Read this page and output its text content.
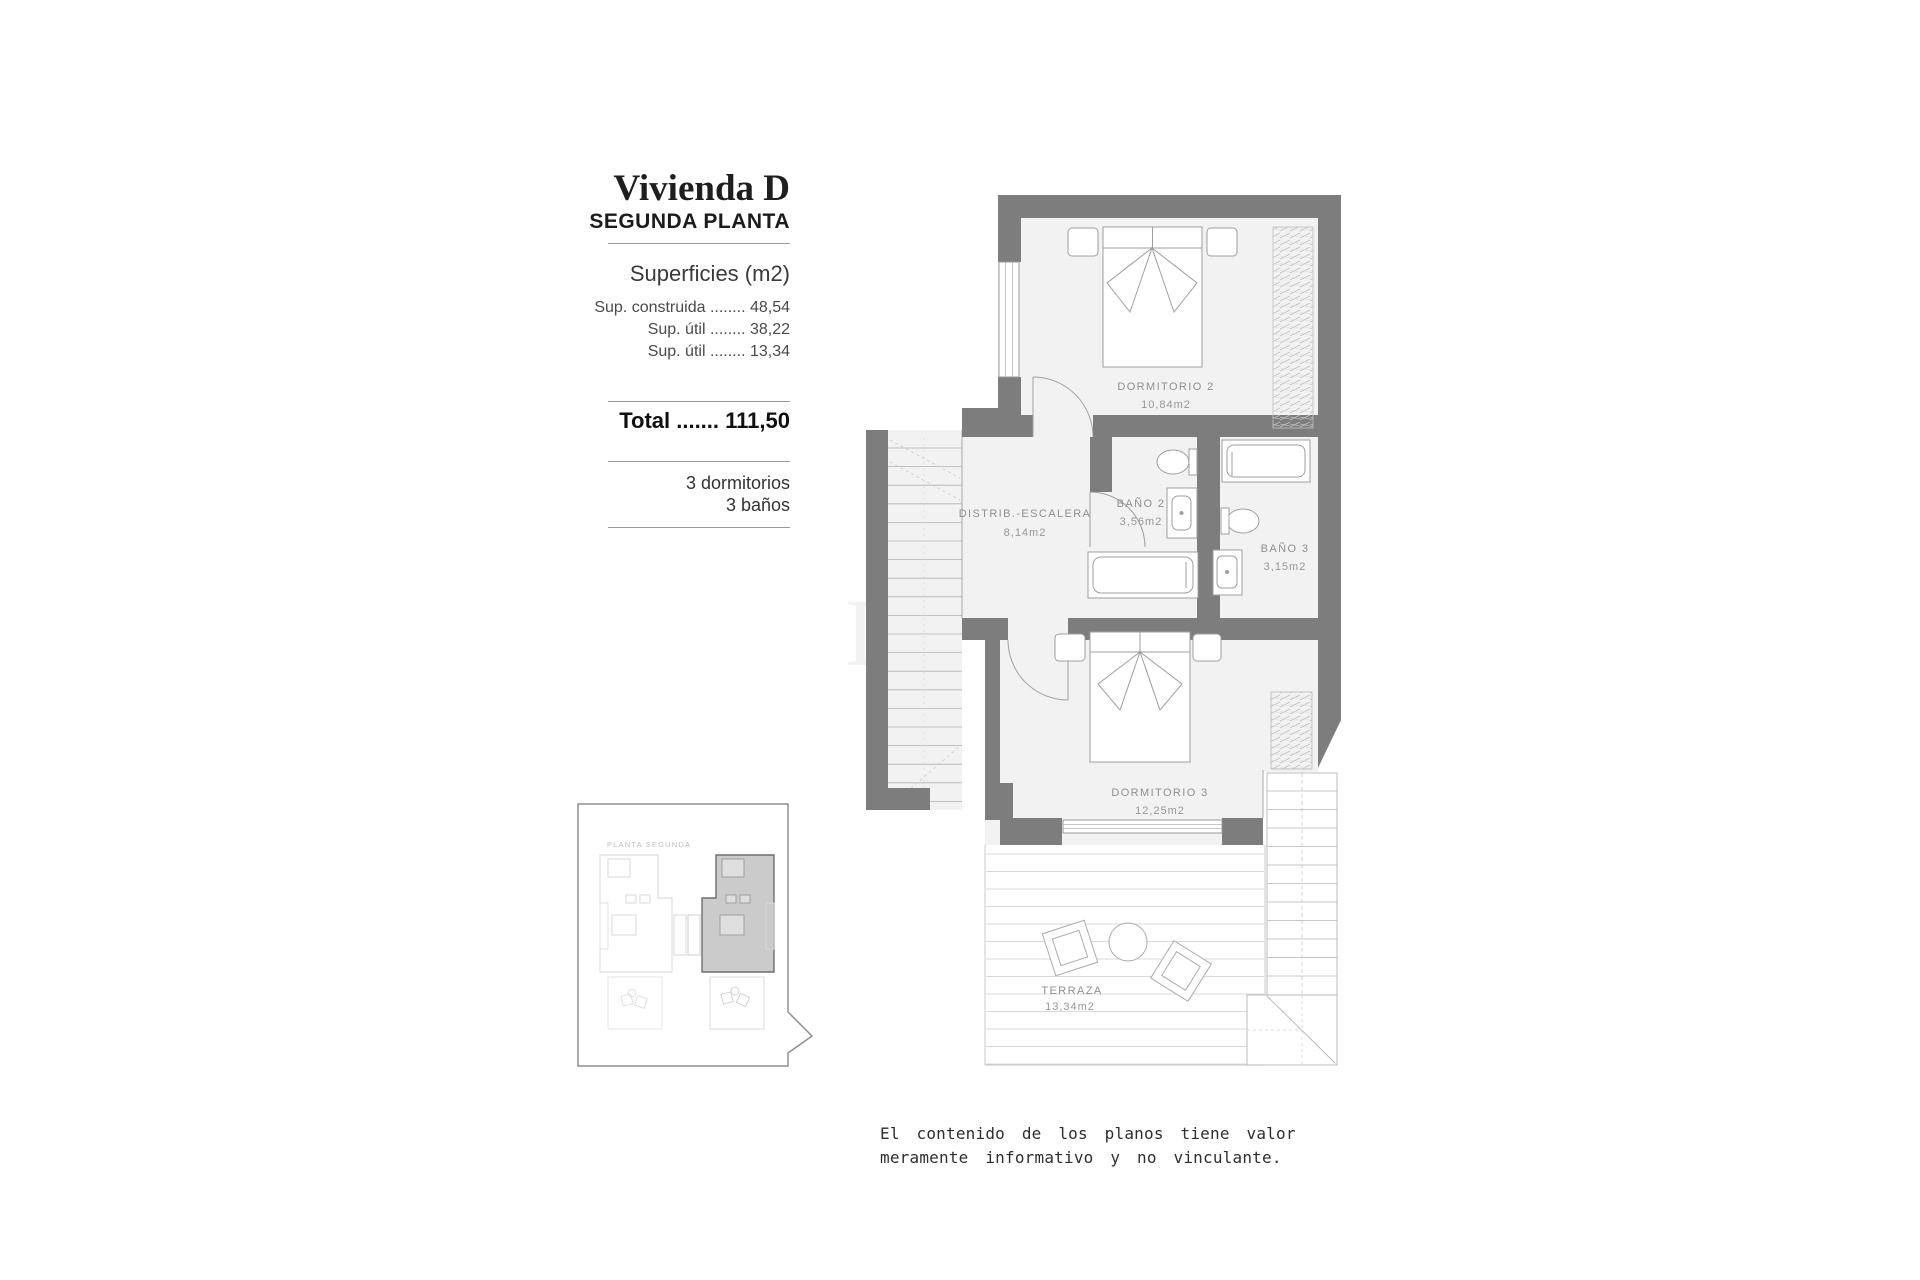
Vivienda D
SEGUNDA PLANTA
Superficies (m2)
Sup. construida ........ 48,54
Sup. útil ........ 38,22
Sup. útil ........ 13,34
Total ....... 111,50
3 dormitorios
3 baños
DORMITORIO 2
10,84m2
DISTRIB.-ESCALERA
8,14m2
BAÑO 2
3,56m2
BAÑO 3
3,15m2
DORMITORIO 3
12,25m2
TERRAZA
13,34m2
PLANTA SEGUNDA
El contenido de los planos tiene valor
meramente informativo y no vinculante.
